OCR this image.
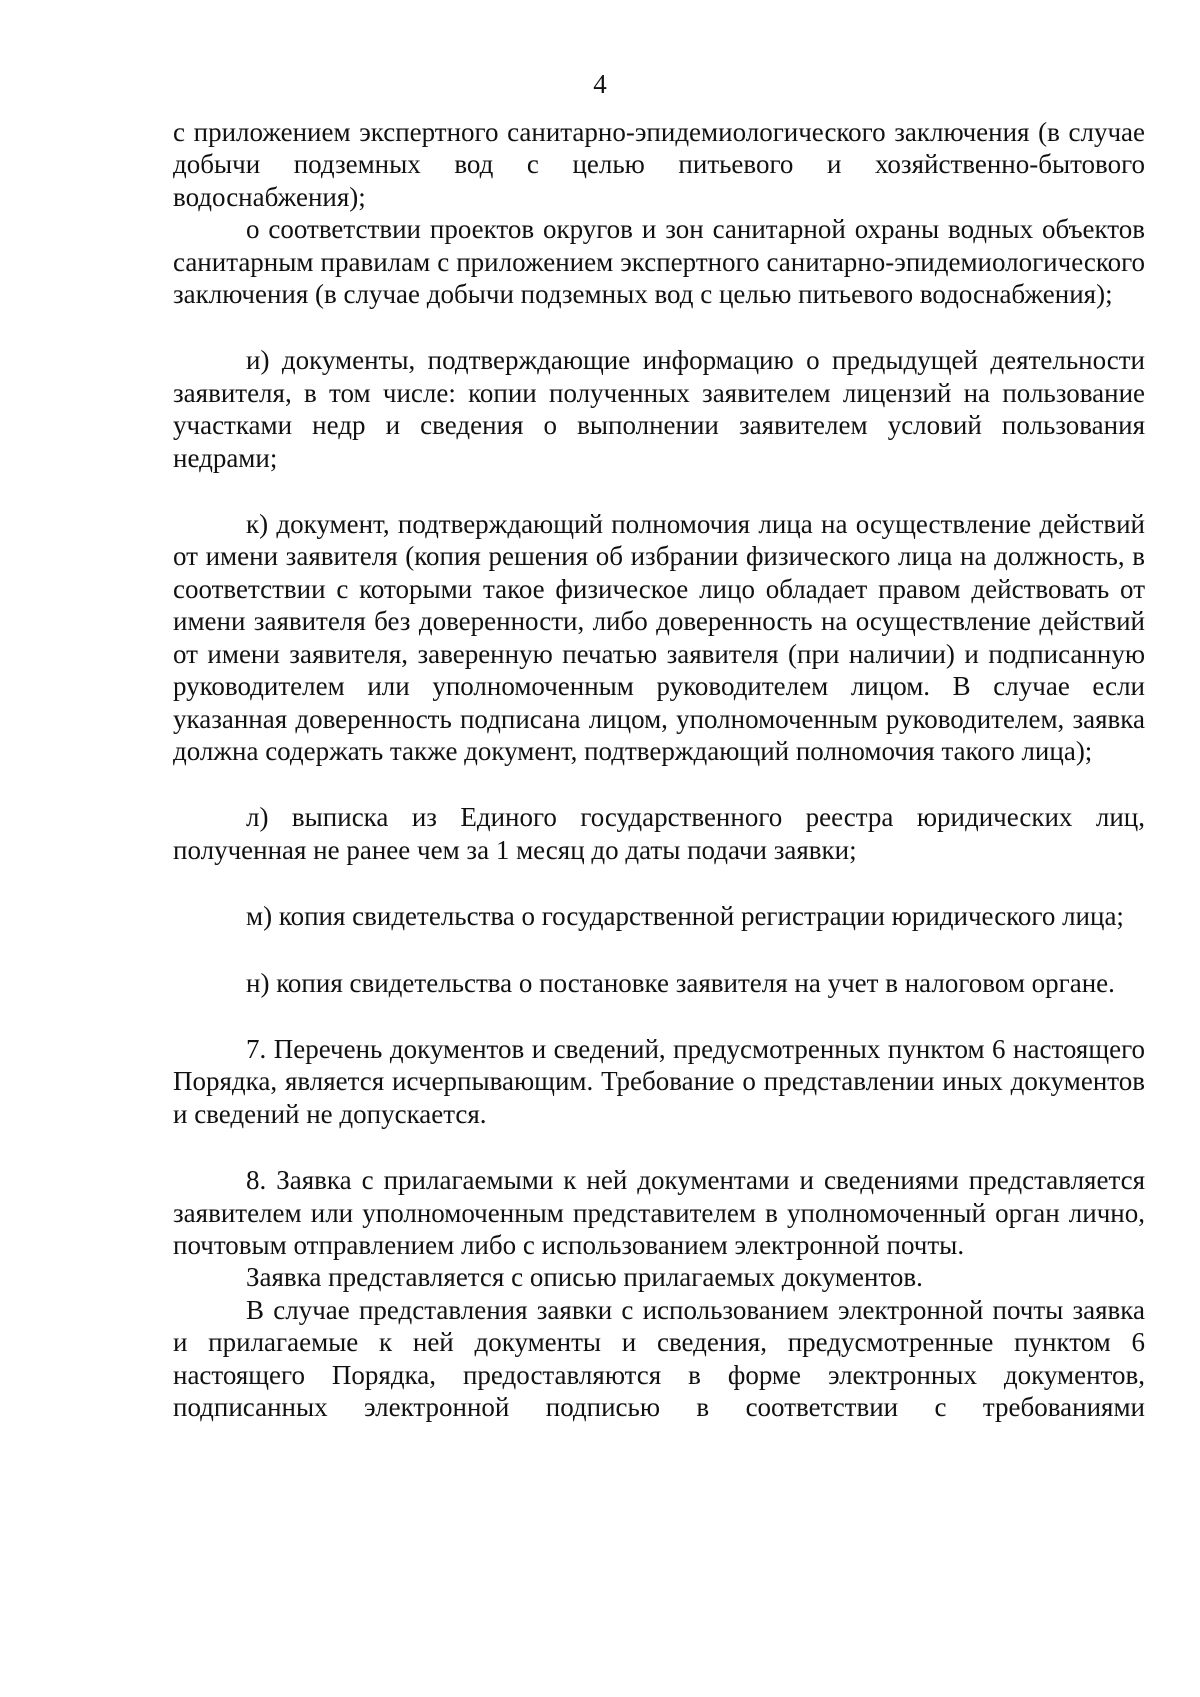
4

с приложением экспертного санитарно-эпидемиологического заключения (в случае добычи подземных вод с целью питьевого и хозяйственно-бытового водоснабжения);

о соответствии проектов округов и зон санитарной охраны водных объектов санитарным правилам с приложением экспертного санитарно-эпидемиологического заключения (в случае добычи подземных вод с целью питьевого водоснабжения);

и) документы, подтверждающие информацию о предыдущей деятельности заявителя, в том числе: копии полученных заявителем лицензий на пользование участками недр и сведения о выполнении заявителем условий пользования недрами;

к) документ, подтверждающий полномочия лица на осуществление действий от имени заявителя (копия решения об избрании физического лица на должность, в соответствии с которыми такое физическое лицо обладает правом действовать от имени заявителя без доверенности, либо доверенность на осуществление действий от имени заявителя, заверенную печатью заявителя (при наличии) и подписанную руководителем или уполномоченным руководителем лицом. В случае если указанная доверенность подписана лицом, уполномоченным руководителем, заявка должна содержать также документ, подтверждающий полномочия такого лица);

л) выписка из Единого государственного реестра юридических лиц, полученная не ранее чем за 1 месяц до даты подачи заявки;

м) копия свидетельства о государственной регистрации юридического лица;

н) копия свидетельства о постановке заявителя на учет в налоговом органе.

7. Перечень документов и сведений, предусмотренных пунктом 6 настоящего Порядка, является исчерпывающим. Требование о представлении иных документов и сведений не допускается.

8. Заявка с прилагаемыми к ней документами и сведениями представляется заявителем или уполномоченным представителем в уполномоченный орган лично, почтовым отправлением либо с использованием электронной почты.

Заявка представляется с описью прилагаемых документов.

В случае представления заявки с использованием электронной почты заявка и прилагаемые к ней документы и сведения, предусмотренные пунктом 6 настоящего Порядка, предоставляются в форме электронных документов, подписанных электронной подписью в соответствии с требованиями
